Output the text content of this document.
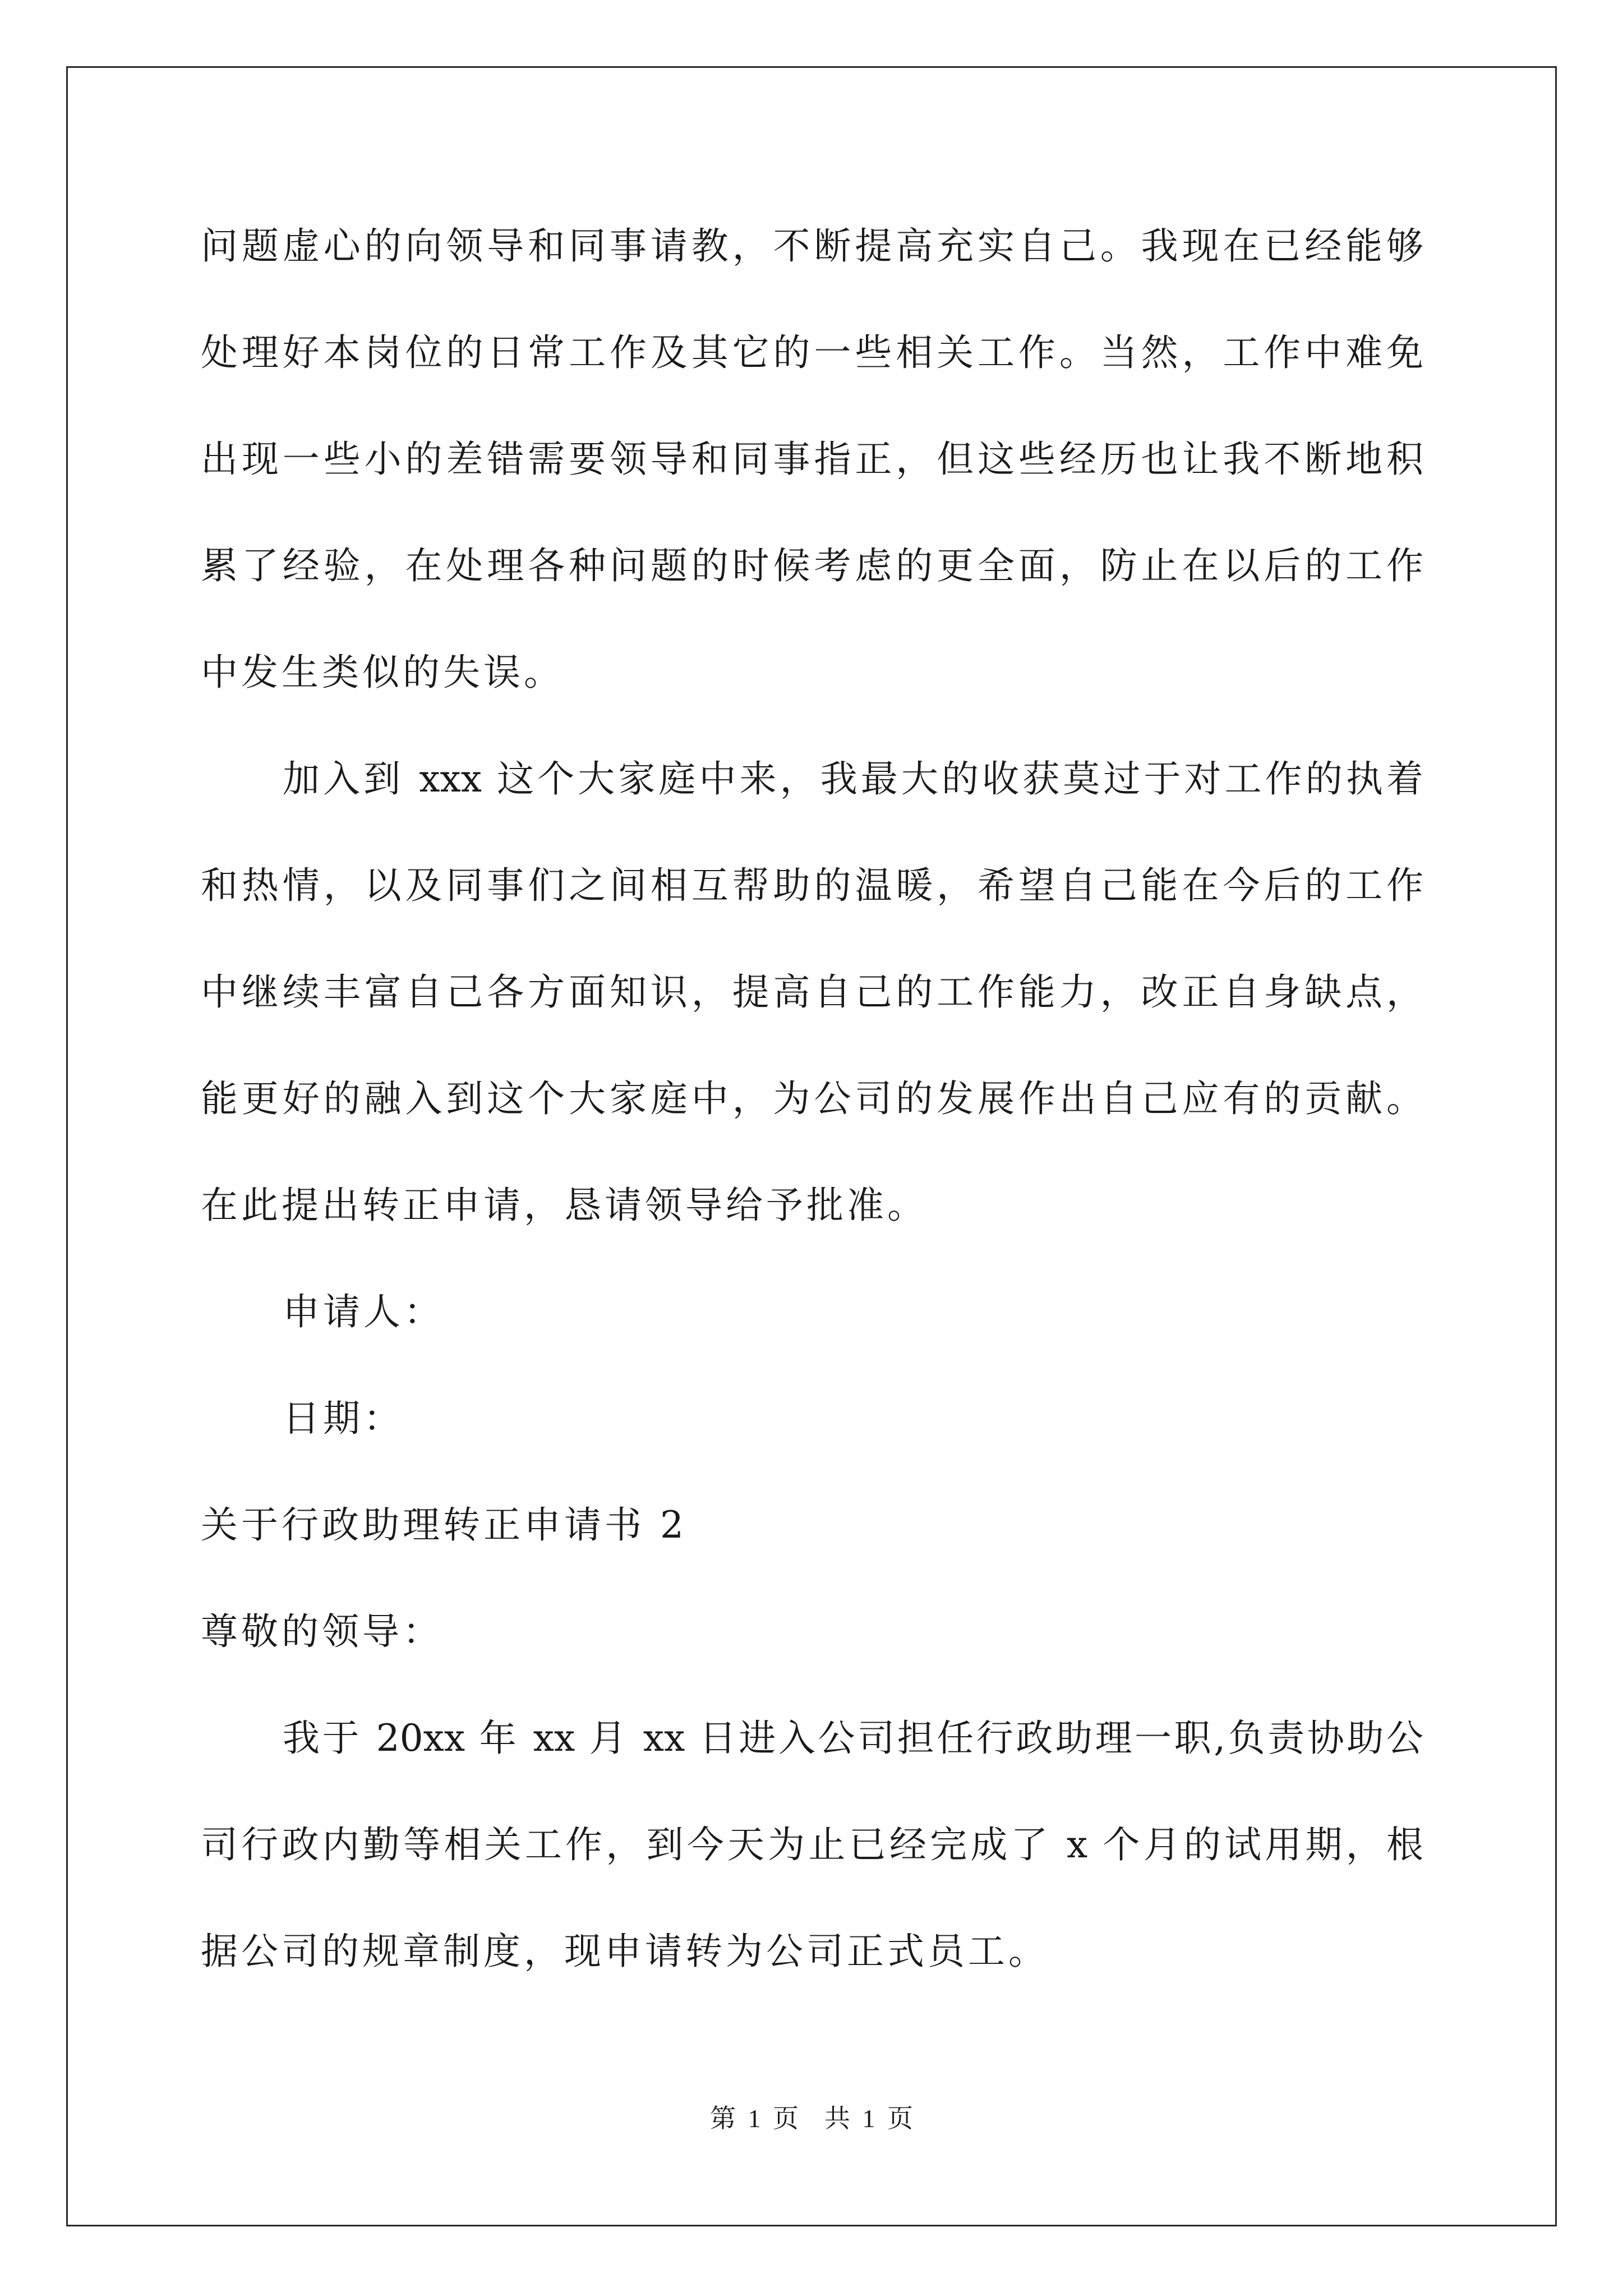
问题虚心的向领导和同事请教，不断提高充实自己。我现在已经能够
处理好本岗位的日常工作及其它的一些相关工作。当然，工作中难免
出现一些小的差错需要领导和同事指正，但这些经历也让我不断地积
累了经验，在处理各种问题的时候考虑的更全面，防止在以后的工作
中发生类似的失误。
加入到 xxx 这个大家庭中来，我最大的收获莫过于对工作的执着
和热情，以及同事们之间相互帮助的温暖，希望自己能在今后的工作
中继续丰富自己各方面知识，提高自己的工作能力，改正自身缺点，
能更好的融入到这个大家庭中，为公司的发展作出自己应有的贡献。
在此提出转正申请，恳请领导给予批准。
申请人：
日期：
关于行政助理转正申请书 2
尊敬的领导：
我于 20xx 年 xx 月 xx 日进入公司担任行政助理一职,负责协助公
司行政内勤等相关工作，到今天为止已经完成了 x 个月的试用期，根
据公司的规章制度，现申请转为公司正式员工。
第 1 页　共 1 页
